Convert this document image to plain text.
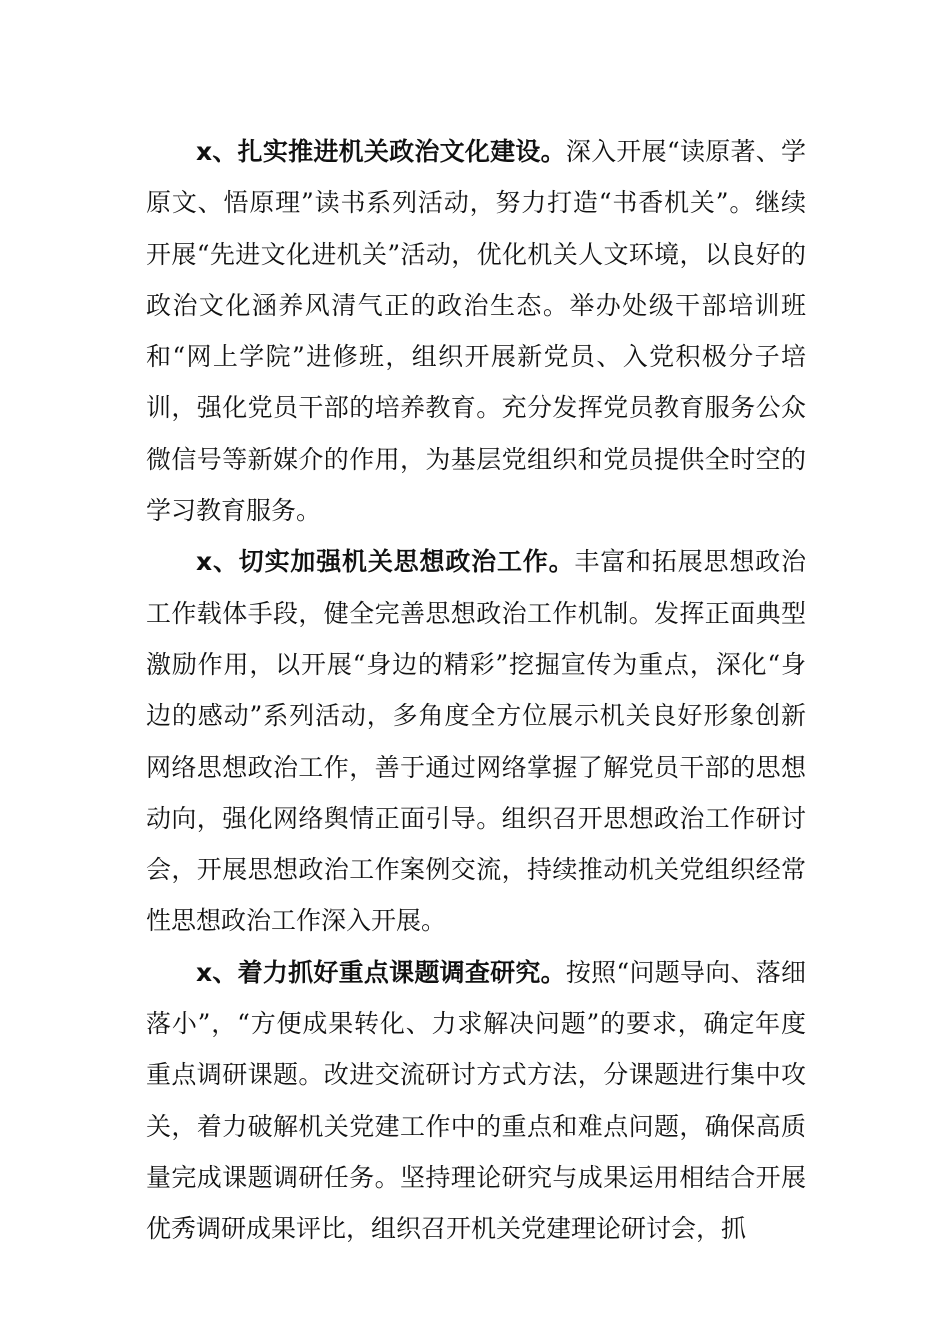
x、扎实推进机关政治文化建设。深入开展“读原著、学原文、悟原理”读书系列活动，努力打造“书香机关”。继续开展“先进文化进机关”活动，优化机关人文环境，以良好的政治文化涵养风清气正的政治生态。举办处级干部培训班和“网上学院”进修班，组织开展新党员、入党积极分子培训，强化党员干部的培养教育。充分发挥党员教育服务公众微信号等新媒介的作用，为基层党组织和党员提供全时空的学习教育服务。

x、切实加强机关思想政治工作。丰富和拓展思想政治工作载体手段，健全完善思想政治工作机制。发挥正面典型激励作用，以开展“身边的精彩”挖掘宣传为重点，深化“身边的感动”系列活动，多角度全方位展示机关良好形象创新网络思想政治工作，善于通过网络掌握了解党员干部的思想动向，强化网络舆情正面引导。组织召开思想政治工作研讨会，开展思想政治工作案例交流，持续推动机关党组织经常性思想政治工作深入开展。

x、着力抓好重点课题调查研究。按照“问题导向、落细落小”，“方便成果转化、力求解决问题”的要求，确定年度重点调研课题。改进交流研讨方式方法，分课题进行集中攻关，着力破解机关党建工作中的重点和难点问题，确保高质量完成课题调研任务。坚持理论研究与成果运用相结合开展优秀调研成果评比，组织召开机关党建理论研讨会，抓
